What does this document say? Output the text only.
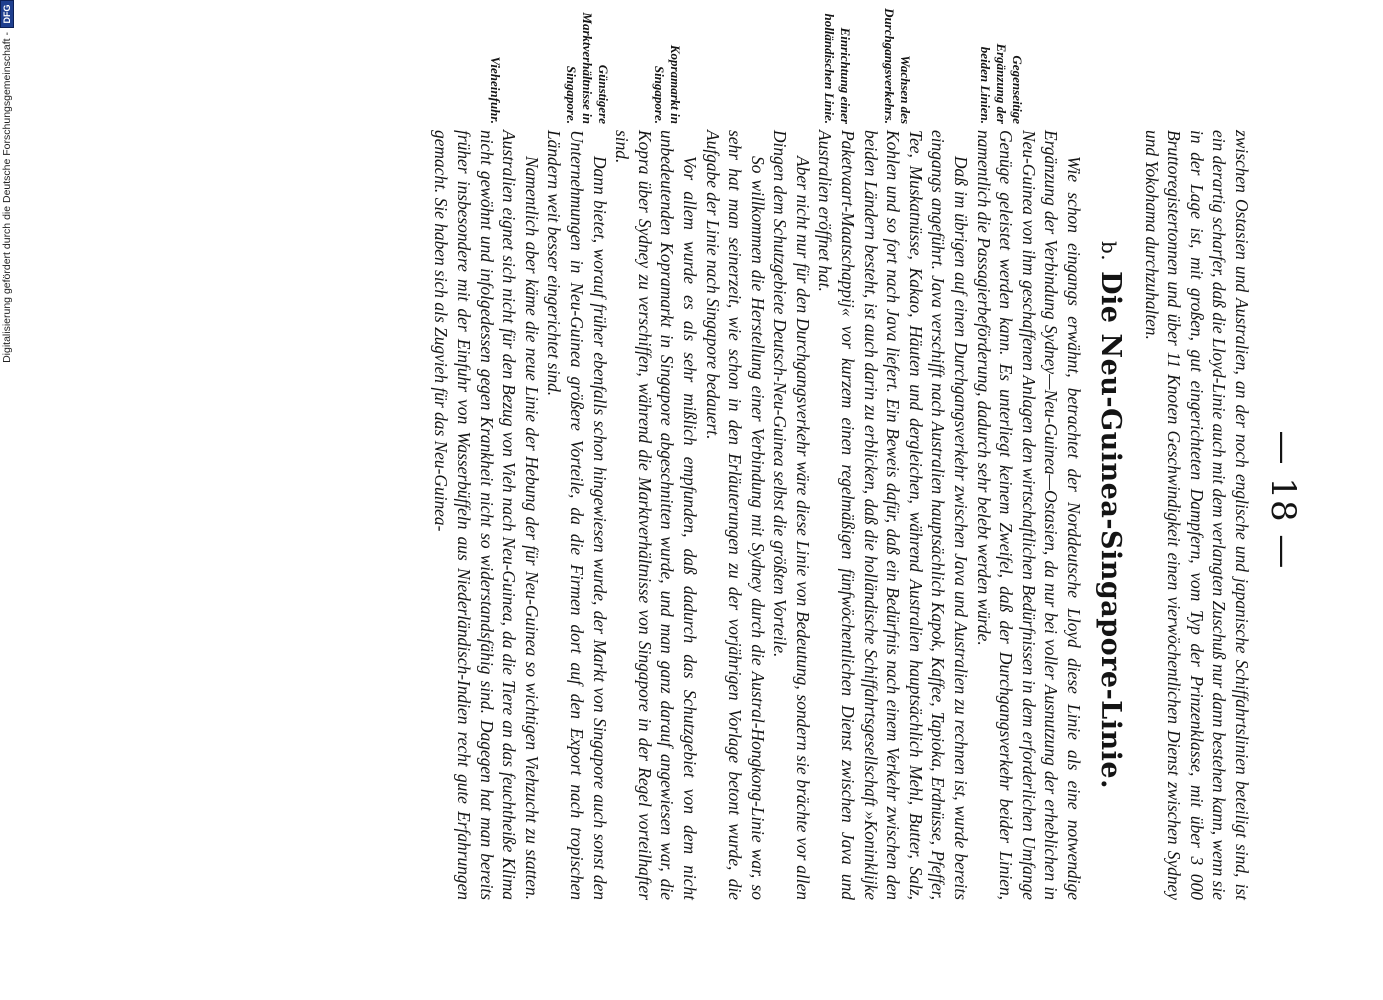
— 18 —

zwischen Ostasien und Australien, an der noch englische und japanische Schiffahrtslinien beteiligt sind, ist ein derartig scharfer, daß die Lloyd-Linie auch mit dem verlangten Zuschuß nur dann bestehen kann, wenn sie in der Lage ist, mit großen, gut eingerichteten Dampfern, vom Typ der Prinzenklasse, mit über 3 000 Bruttoregistertonnen und über 11 Knoten Geschwindigkeit einen vierwöchentlichen Dienst zwischen Sydney und Yokohama durchzuhalten.

b.Die Neu-Guinea-Singapore-Linie.

Wie schon eingangs erwähnt, betrachtet der Norddeutsche Lloyd diese Linie als eine notwendige Ergänzung der Verbindung Sydney—Neu-Guinea—Ostasien, da nur bei voller Ausnutzung der erheblichen in Neu-Guinea von ihm geschaffenen Anlagen den wirtschaftlichen Bedürfnissen in dem erforderlichen Umfange Genüge geleistet werden kann. Es unterliegt keinem Zweifel, daß der Durchgangsverkehr beider Linien, namentlich die Passagierbeförderung, dadurch sehr belebt werden würde.

Daß im übrigen auf einen Durchgangsverkehr zwischen Java und Australien zu rechnen ist, wurde bereits eingangs angeführt. Java verschifft nach Australien hauptsächlich Kapok, Kaffee, Tapioka, Erdnüsse, Pfeffer, Tee, Muskatnüsse, Kakao, Häuten und dergleichen, während Australien hauptsächlich Mehl, Butter, Salz, Kohlen und so fort nach Java liefert. Ein Beweis dafür, daß ein Bedürfnis nach einem Verkehr zwischen den beiden Ländern besteht, ist auch darin zu erblicken, daß die holländische Schiffahrtsgesellschaft »Koninklijke Paketvaart-Maatschappij« vor kurzem einen regelmäßigen fünfwöchentlichen Dienst zwischen Java und Australien eröffnet hat.

Aber nicht nur für den Durchgangsverkehr wäre diese Linie von Bedeutung, sondern sie brächte vor allen Dingen dem Schutzgebiete Deutsch-Neu-Guinea selbst die größten Vorteile.

So willkommen die Herstellung einer Verbindung mit Sydney durch die Austral-Hongkong-Linie war, so sehr hat man seinerzeit, wie schon in den Erläuterungen zu der vorjährigen Vorlage betont wurde, die Aufgabe der Linie nach Singapore bedauert.

Vor allem wurde es als sehr mißlich empfunden, daß dadurch das Schutzgebiet von dem nicht unbedeutenden Kopramarkt in Singapore abgeschnitten wurde, und man ganz darauf angewiesen war, die Kopra über Sydney zu verschiffen, während die Marktverhältnisse von Singapore in der Regel vorteilhafter sind.

Dann bietet, worauf früher ebenfalls schon hingewiesen wurde, der Markt von Singapore auch sonst den Unternehmungen in Neu-Guinea größere Vorteile, da die Firmen dort auf den Export nach tropischen Ländern weit besser eingerichtet sind.

Namentlich aber käme die neue Linie der Hebung der für Neu-Guinea so wichtigen Viehzucht zu statten. Australien eignet sich nicht für den Bezug von Vieh nach Neu-Guinea, da die Tiere an das feuchtheiße Klima nicht gewöhnt und infolgedessen gegen Krankheit nicht so widerstandsfähig sind. Dagegen hat man bereits früher insbesondere mit der Einfuhr von Wasserbüffeln aus Niederländisch-Indien recht gute Erfahrungen gemacht. Sie haben sich als Zugvieh für das Neu-Guinea-

Gegenseitige Ergänzung der beiden Linien.
Wachsen des Durchgangsverkehrs.
Einrichtung einer holländischen Linie.
Kopramarkt in Singapore.
Günstigere Marktverhältnisse in Singapore.
Vieheinfuhr.
Digitalisierung gefördert durch die Deutsche Forschungsgemeinschaft -
DFG
